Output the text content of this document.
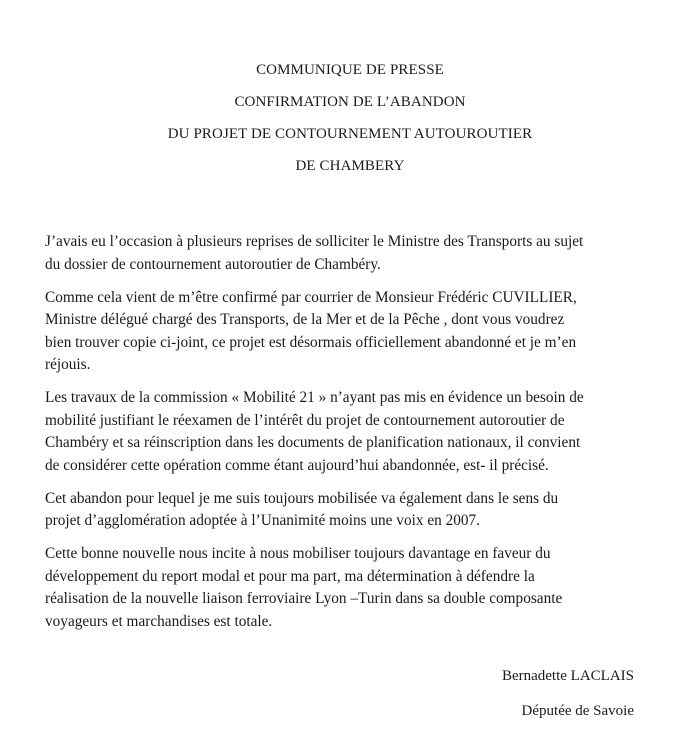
COMMUNIQUE DE PRESSE
CONFIRMATION DE L’ABANDON
DU PROJET DE CONTOURNEMENT AUTOUROUTIER
DE CHAMBERY

J’avais eu l’occasion à plusieurs reprises de solliciter le Ministre des Transports au sujet
du dossier de contournement autoroutier de Chambéry.

Comme cela vient de m’être confirmé par courrier de Monsieur Frédéric CUVILLIER,
Ministre délégué chargé des Transports, de la Mer et de la Pêche , dont vous voudrez
bien trouver copie ci-joint, ce projet est désormais officiellement abandonné et je m’en
réjouis.

Les travaux de la commission « Mobilité 21 » n’ayant pas mis en évidence un besoin de
mobilité justifiant le réexamen de l’intérêt du projet de contournement autoroutier de
Chambéry et sa réinscription dans les documents de planification nationaux, il convient
de considérer cette opération comme étant aujourd’hui abandonnée, est- il précisé.

Cet abandon pour lequel je me suis toujours mobilisée va également dans le sens du
projet d’agglomération adoptée à l’Unanimité moins une voix en 2007.

Cette bonne nouvelle nous incite à nous mobiliser toujours davantage en faveur du
développement du report modal et pour ma part, ma détermination à défendre la
réalisation de la nouvelle liaison ferroviaire Lyon –Turin dans sa double composante
voyageurs et marchandises est totale.

Bernadette LACLAIS
Députée de Savoie
